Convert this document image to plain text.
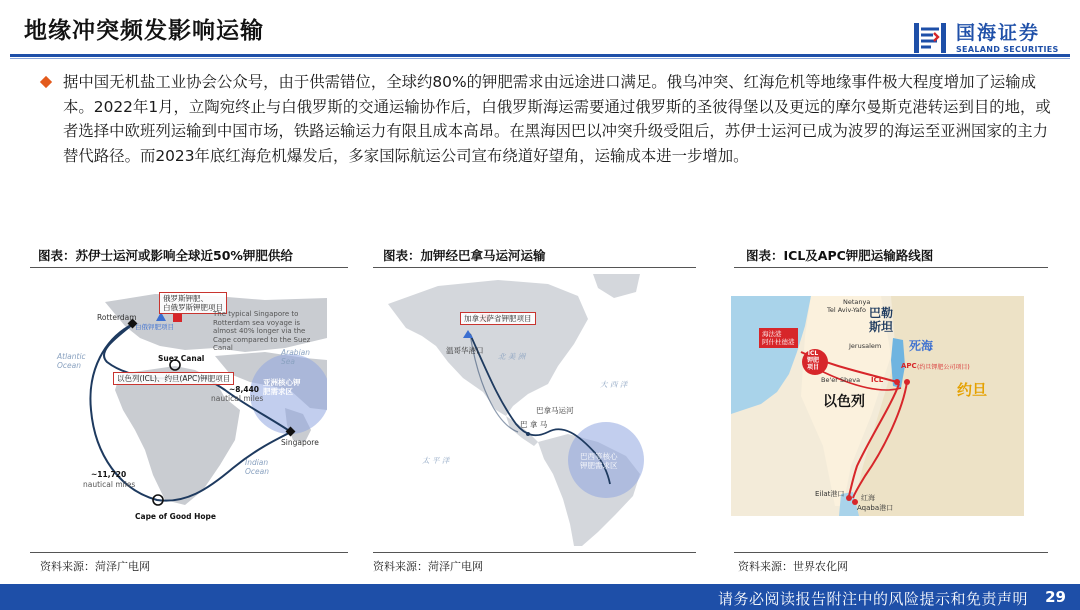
地缘冲突频发影响运输	国海证券
SEALAND SECURITIES
据中国无机盐工业协会公众号，由于供需错位，全球约80%的钾肥需求由远途进口满足。俄乌冲突、红海危机等地缘事件极大程度增加了运输成本。2022年1月，立陶宛终止与白俄罗斯的交通运输协作后，白俄罗斯海运需要通过俄罗斯的圣彼得堡以及更远的摩尔曼斯克港转运到目的地，或者选择中欧班列运输到中国市场，铁路运输运力有限且成本高昂。在黑海因巴以冲突升级受阻后，苏伊士运河已成为波罗的海运至亚洲国家的主力替代路径。而2023年底红海危机爆发后，多家国际航运公司宣布绕道好望角，运输成本进一步增加。
图表：苏伊士运河或影响全球近50%钾肥供给
Rotterdam
俄罗斯钾肥、
白俄罗斯钾肥项目
白俄钾肥项目
The typical Singapore to Rotterdam sea voyage is almost 40% longer via the Cape compared to the Suez Canal
Suez Canal
以色列(ICL)、约旦(APC)钾肥项目
~8,440
nautical miles
亚洲核心钾
肥需求区
Singapore
~11,720
nautical miles
Cape of Good Hope
Atlantic
Ocean
Indian
Ocean
Arabian
Sea
资料来源：菏泽广电网
图表：加钾经巴拿马运河运输
加拿大萨省钾肥项目
温哥华港口
北 美 洲
大 西 洋
巴拿马运河
巴 拿 马
太 平 洋	巴西等核心
钾肥需求区
资料来源：菏泽广电网
图表：ICL及APC钾肥运输路线图
Netanya
Tel Aviv-Yafo 巴勒
斯坦
Jerusalem
海法港
阿什杜德港
ICL
钾肥
项目
死海
APC (约旦钾肥公司项目)
ICL
Be'er Sheva
以色列
约旦
Eilat港口 红海
Aqaba港口
资料来源：世界农化网
请务必阅读报告附注中的风险提示和免责声明 29
